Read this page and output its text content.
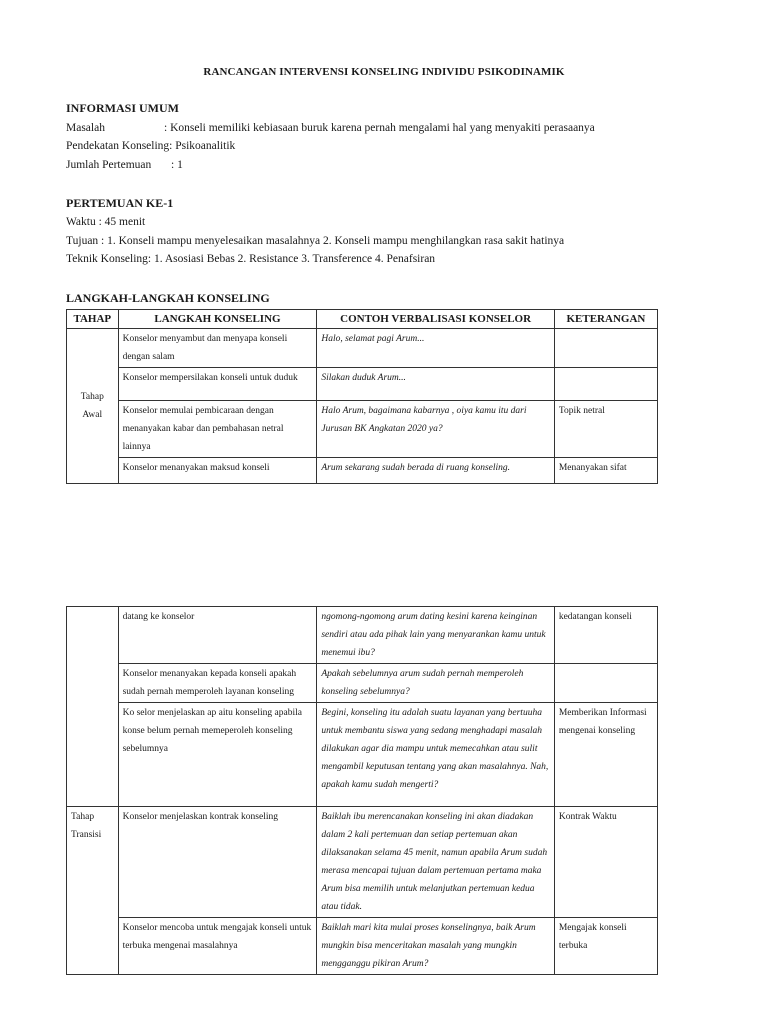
RANCANGAN INTERVENSI KONSELING INDIVIDU PSIKODINAMIK
INFORMASI UMUM
Masalah	: Konseli memiliki kebiasaan buruk karena pernah mengalami hal yang menyakiti perasaanya
Pendekatan Konseling: Psikoanalitik
Jumlah Pertemuan : 1
PERTEMUAN KE-1
Waktu : 45 menit
Tujuan : 1. Konseli mampu menyelesaikan masalahnya 2. Konseli mampu menghilangkan rasa sakit hatinya
Teknik Konseling: 1. Asosiasi Bebas 2. Resistance 3. Transference 4. Penafsiran
LANGKAH-LANGKAH KONSELING
TAHAP	LANGKAH KONSELING	CONTOH VERBALISASI KONSELOR	KETERANGAN
Tahap Awal	Konselor menyambut dan menyapa konseli dengan salam	Halo, selamat pagi Arum...	
	Konselor mempersilakan konseli untuk duduk	Silakan duduk Arum...	
	Konselor memulai pembicaraan dengan menanyakan kabar dan pembahasan netral lainnya	Halo Arum, bagaimana kabarnya , oiya kamu itu dari Jurusan BK Angkatan 2020 ya?	Topik netral
	Konselor menanyakan maksud konseli	Arum sekarang sudah berada di ruang konseling.	Menanyakan sifat
	datang ke konselor	ngomong-ngomong arum dating kesini karena keinginan sendiri atau ada pihak lain yang menyarankan kamu untuk menemui ibu?	kedatangan konseli
	Konselor menanyakan kepada konseli apakah sudah pernah memperoleh layanan konseling	Apakah sebelumnya arum sudah pernah memperoleh konseling sebelumnya?	
	Ko selor menjelaskan ap aitu konseling apabila konse belum pernah memeperoleh konseling sebelumnya	Begini, konseling itu adalah suatu layanan yang bertuuha untuk membantu siswa yang sedang menghadapi masalah dilakukan agar dia mampu untuk memecahkan atau sulit mengambil keputusan tentang yang akan masalahnya. Nah, apakah kamu sudah mengerti?	Memberikan Informasi mengenai konseling
Tahap Transisi	Konselor menjelaskan kontrak konseling	Baiklah ibu merencanakan konseling ini akan diadakan dalam 2 kali pertemuan dan setiap pertemuan akan dilaksanakan selama 45 menit, namun apabila Arum sudah merasa mencapai tujuan dalam pertemuan pertama maka Arum bisa memilih untuk melanjutkan pertemuan kedua atau tidak.	Kontrak Waktu
	Konselor mencoba untuk mengajak konseli untuk terbuka mengenai masalahnya	Baiklah mari kita mulai proses konselingnya, baik Arum mungkin bisa menceritakan masalah yang mungkin mengganggu pikiran Arum?	Mengajak konseli terbuka
